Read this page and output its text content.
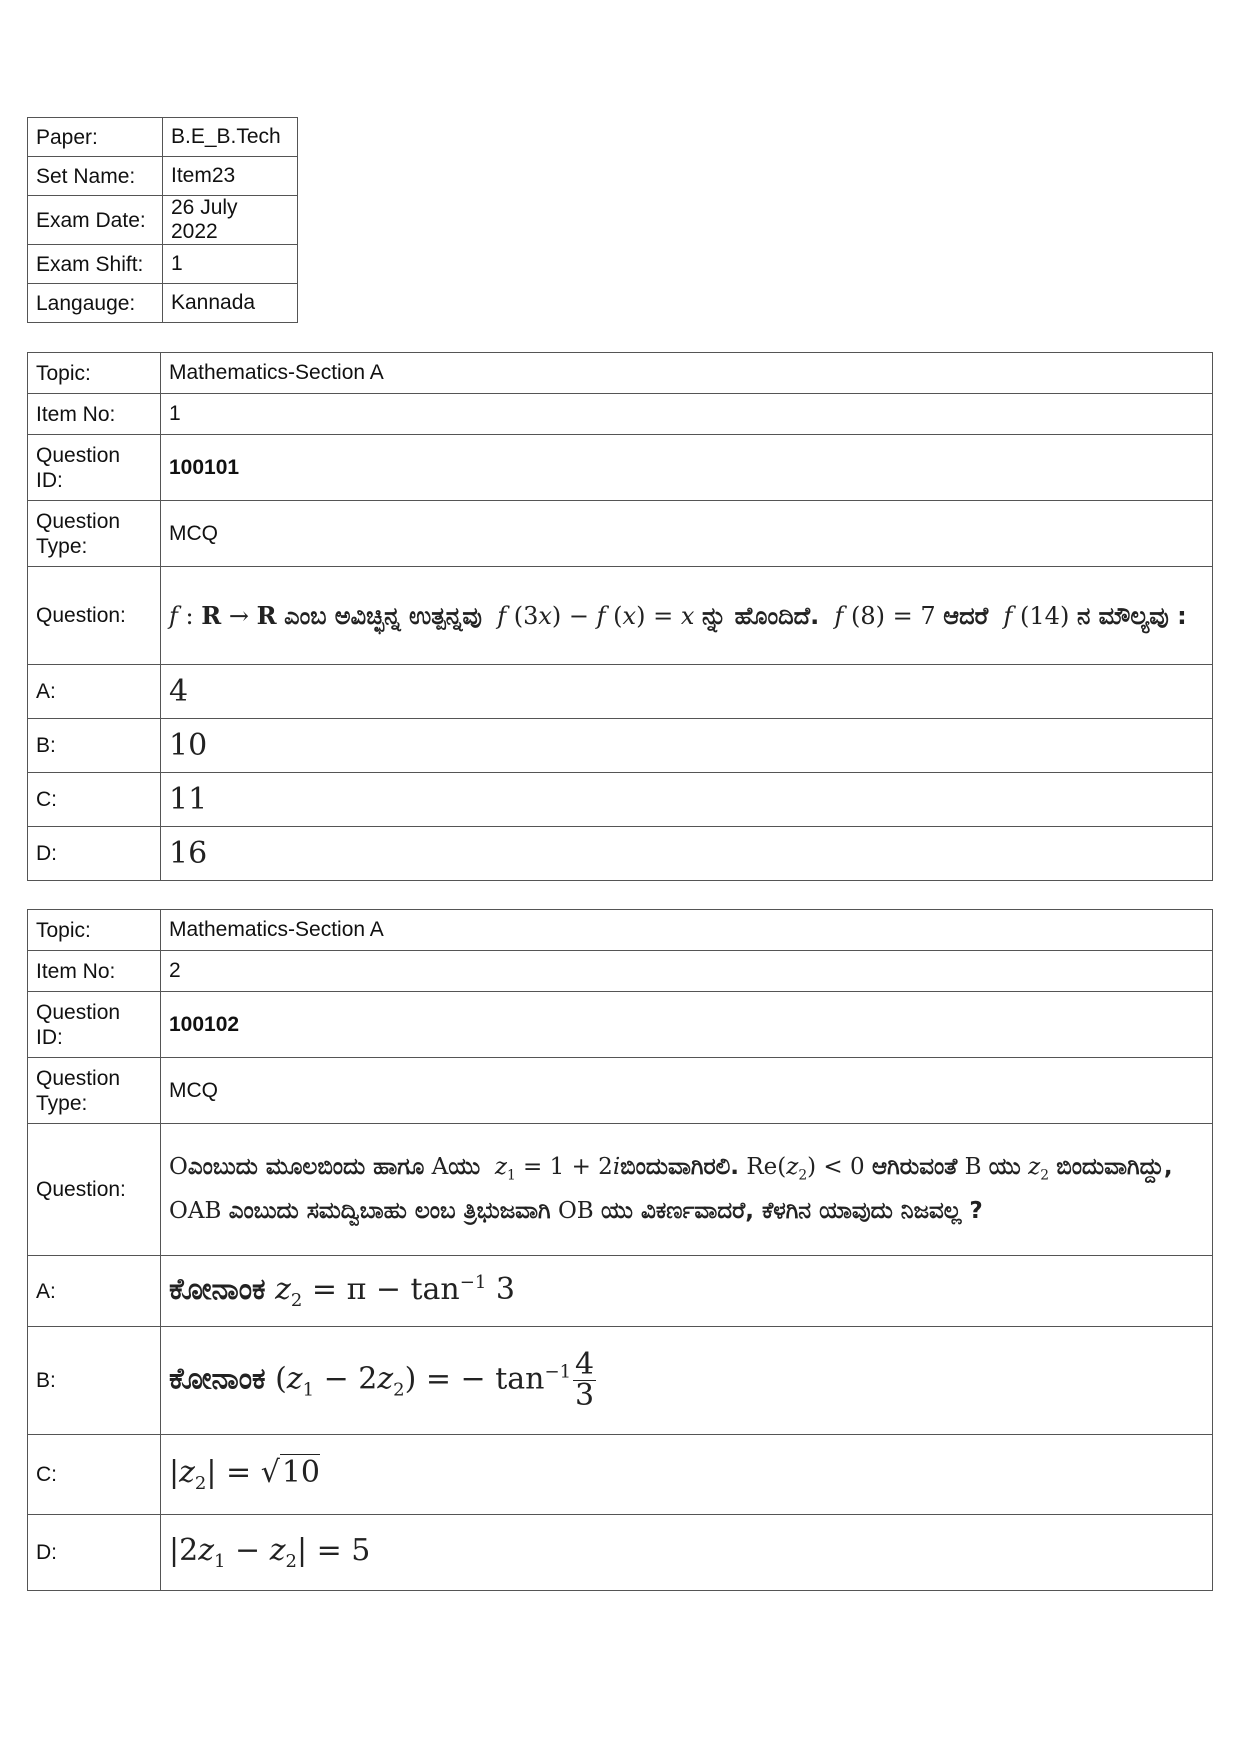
Paper:	B.E_B.Tech
Set Name:	Item23
Exam Date:	26 July 2022
Exam Shift:	1
Langauge:	Kannada
Topic:	Mathematics-Section A
Item No:	1
Question ID:	100101
Question Type:	MCQ
Question:	f : R → R ಎಂಬ ಅವಿಚ್ಛಿನ್ನ ಉತ್ಪನ್ನವು f (3x) − f (x) = x ನ್ನು ಹೊಂದಿದೆ. f (8) = 7 ಆದರೆ f (14) ನ ಮೌಲ್ಯವು :
A:	4
B:	10
C:	11
D:	16
Topic:	Mathematics-Section A
Item No:	2
Question ID:	100102
Question Type:	MCQ
Question:	Oಎಂಬುದು ಮೂಲಬಿಂದು ಹಾಗೂ Aಯು $z_1 = 1$ + 2iಬಿಂದುವಾಗಿರಲಿ. $Re(z_2) < 0$ ಆಗಿರುವಂತೆ B ಯು $z_2$ ಬಿಂದುವಾಗಿದ್ದು, OAB ಎಂಬುದು ಸಮದ್ವಿಬಾಹು ಲಂಬ ತ್ರಿಭುಜವಾಗಿ OB ಯು ವಿಕರ್ಣವಾದರೆ, ಕೆಳಗಿನ ಯಾವುದು ನಿಜವಲ್ಲ ?
A:	ಕೋನಾಂಕ $z_2 = \pi - \tan^{-1} 3$
B:	ಕೋನಾಂಕ $(z_1 - 2z_2)$ = − $\tan^{-1} \frac{4}{3}$

C:	$|z_2| = √10$
D:	$|2z_1 - z_2| = 5$
